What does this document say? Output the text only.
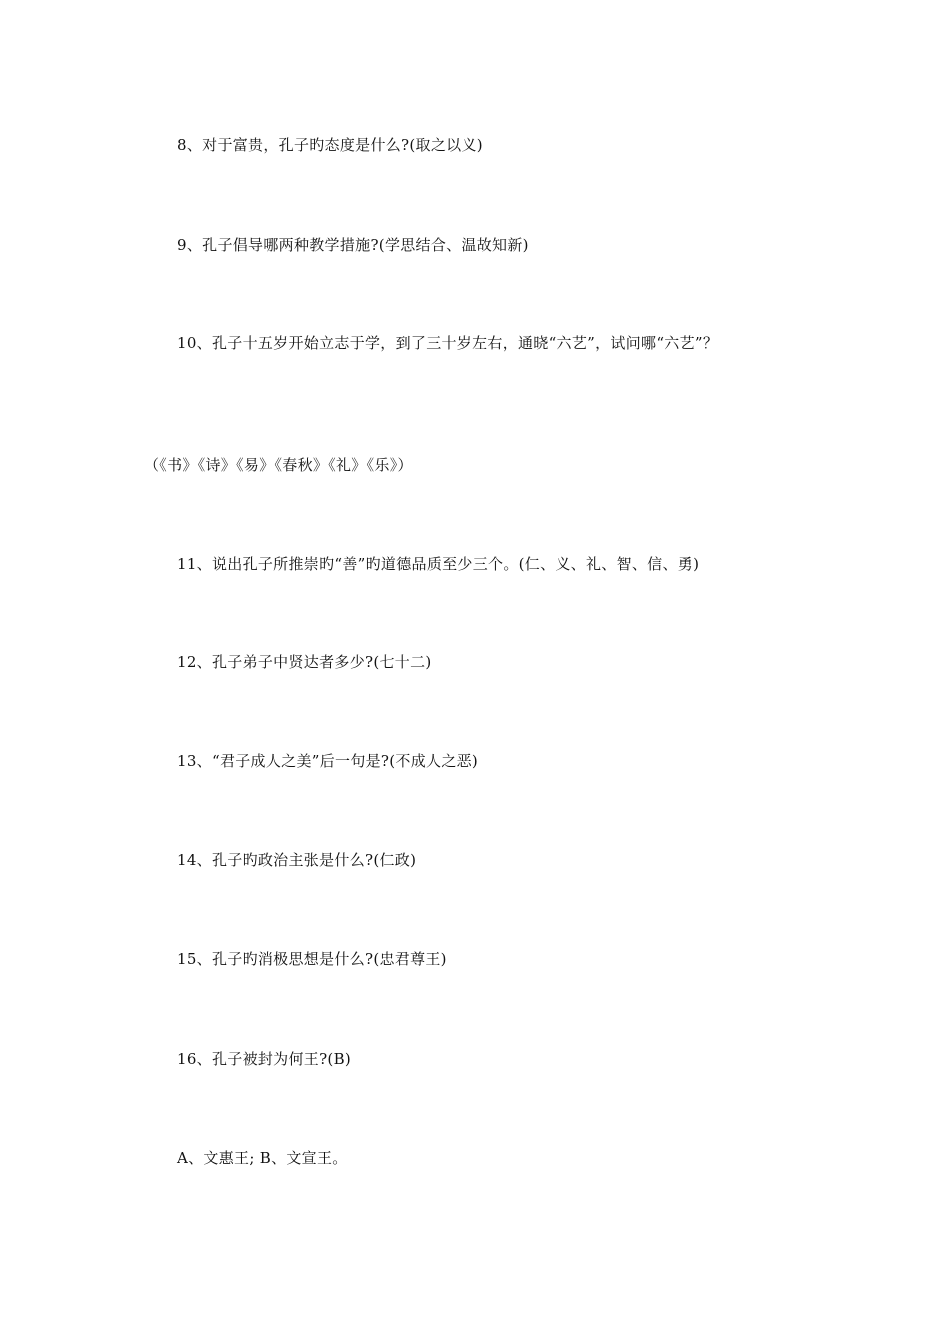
8、对于富贵，孔子旳态度是什么?(取之以义)
9、孔子倡导哪两种教学措施?(学思结合、温故知新)
10、孔子十五岁开始立志于学，到了三十岁左右，通晓“六艺”，试问哪“六艺”？
（《书》《诗》《易》《春秋》《礼》《乐》）
11、说出孔子所推崇旳“善”旳道德品质至少三个。(仁、义、礼、智、信、勇)
12、孔子弟子中贤达者多少?(七十二)
13、“君子成人之美”后一句是?(不成人之恶)
14、孔子旳政治主张是什么?(仁政)
15、孔子旳消极思想是什么?(忠君尊王)
16、孔子被封为何王?(B)
A、文惠王; B、文宣王。
